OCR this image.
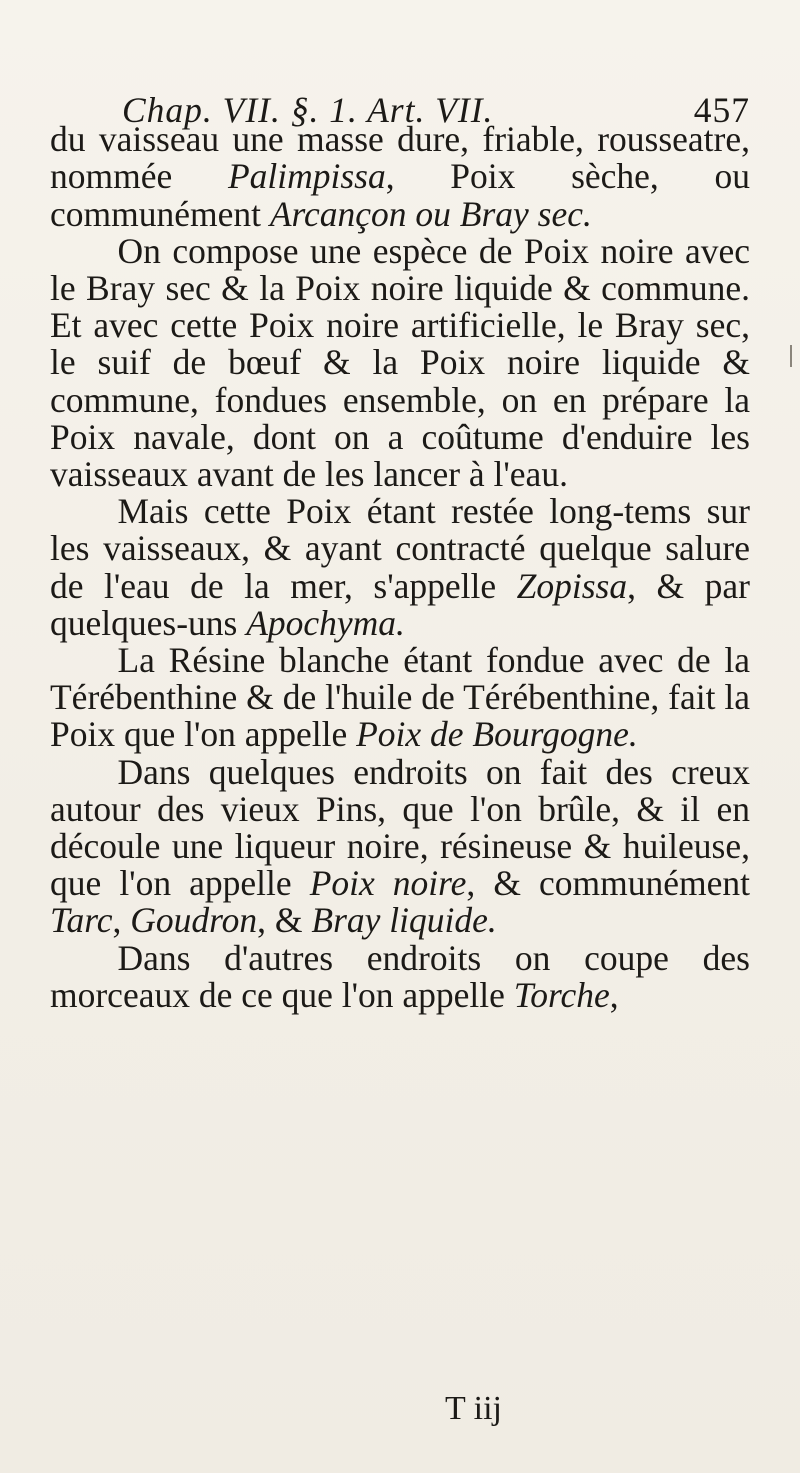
Chap. VII. §. 1. Art. VII.	457

du vaisseau une masse dure, friable, rousseatre, nommée Palimpissa, Poix sèche, ou communément Arcançon ou Bray sec.

On compose une espèce de Poix noire avec le Bray sec & la Poix noire liquide & commune. Et avec cette Poix noire artificielle, le Bray sec, le suif de bœuf & la Poix noire liquide & commune, fondues ensemble, on en prépare la Poix navale, dont on a coûtume d'enduire les vaisseaux avant de les lancer à l'eau.

Mais cette Poix étant restée long-tems sur les vaisseaux, & ayant contracté quelque salure de l'eau de la mer, s'appelle Zopissa, & par quelques-uns Apochyma.

La Résine blanche étant fondue avec de la Térébenthine & de l'huile de Térébenthine, fait la Poix que l'on appelle Poix de Bourgogne.

Dans quelques endroits on fait des creux autour des vieux Pins, que l'on brûle, & il en découle une liqueur noire, résineuse & huileuse, que l'on appelle Poix noire, & communément Tarc, Goudron, & Bray liquide.

Dans d'autres endroits on coupe des morceaux de ce que l'on appelle Torche,

T iij
